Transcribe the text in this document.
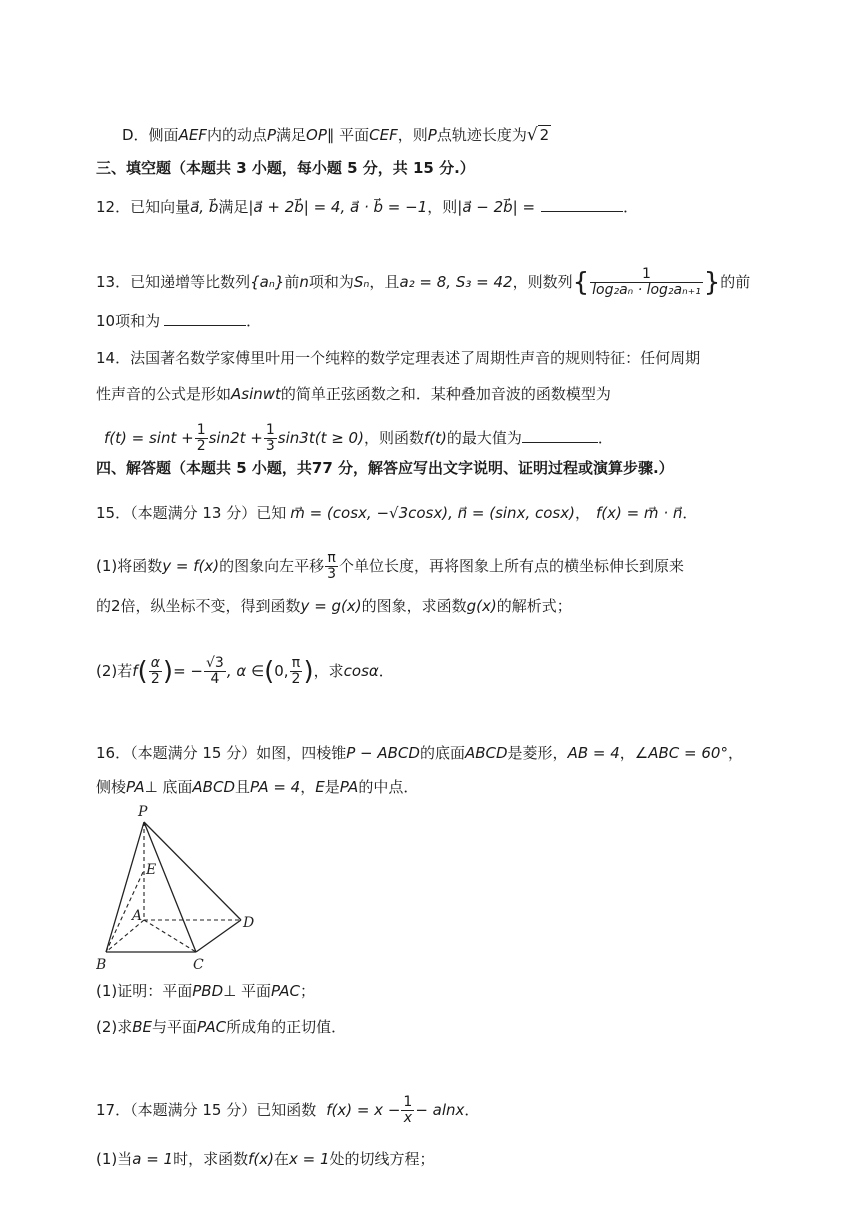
D．侧面AEF内的动点P满足OP∥ 平面CEF，则P点轨迹长度为√ 2
三、填空题（本题共 3 小题，每小题 5 分，共 15 分.）
12．已知向量a⃗, b⃗满足|a⃗ + 2b⃗| = 4, a⃗ · b⃗ = −1，则|a⃗ − 2b⃗| =	．
13．已知递增等比数列{aₙ}前n项和为Sₙ，且a₂ = 8, S₃ = 42，则数列{ $\frac{1}{\text{log₂aₙ · log₂aₙ₊₁}}$ }的前
10项和为	．
14．法国著名数学家傅里叶用一个纯粹的数学定理表述了周期性声音的规则特征：任何周期
性声音的公式是形如Asinwt的简单正弦函数之和．某种叠加音波的函数模型为
$f(t) = \sin t + \frac{1}{2} \sin 2t + \frac{1}{3} \sin 3t(t \ge 0)$，则函数f(t)的最大值为	．
四、解答题（本题共 5 小题，共77 分，解答应写出文字说明、证明过程或演算步骤.）
15．（本题满分 13 分）已知 m⃗ = (cosx, −√3cosx), n⃗ = (sinx, cosx)， f(x) = m⃗ · n⃗．
(1)将函数y = f(x)的图象向左平移 $\frac{\pi}{3}$ 个单位长度，再将图象上所有点的横坐标伸长到原来
的2倍，纵坐标不变，得到函数y = g(x)的图象，求函数g(x)的解析式；
(2)若$f( \frac{\alpha}{2}$ )= − $\frac{√3}{4}$ , α ∈(0, $\frac{\pi}{2}$ )，求cosα．
16．（本题满分 15 分）如图，四棱锥P − ABCD的底面ABCD是菱形，AB = 4，∠ABC = 60°，
侧棱PA⊥ 底面ABCD且PA = 4，E是PA的中点．
P
E
A
B	C
D
(1)证明：平面PBD⊥ 平面PAC；
(2)求BE与平面PAC所成角的正切值．
17．（本题满分 15 分）已知函数 $f(x) = x - \frac{1}{x} - alnx$．
(1)当a = 1时，求函数f(x)在x = 1处的切线方程；
